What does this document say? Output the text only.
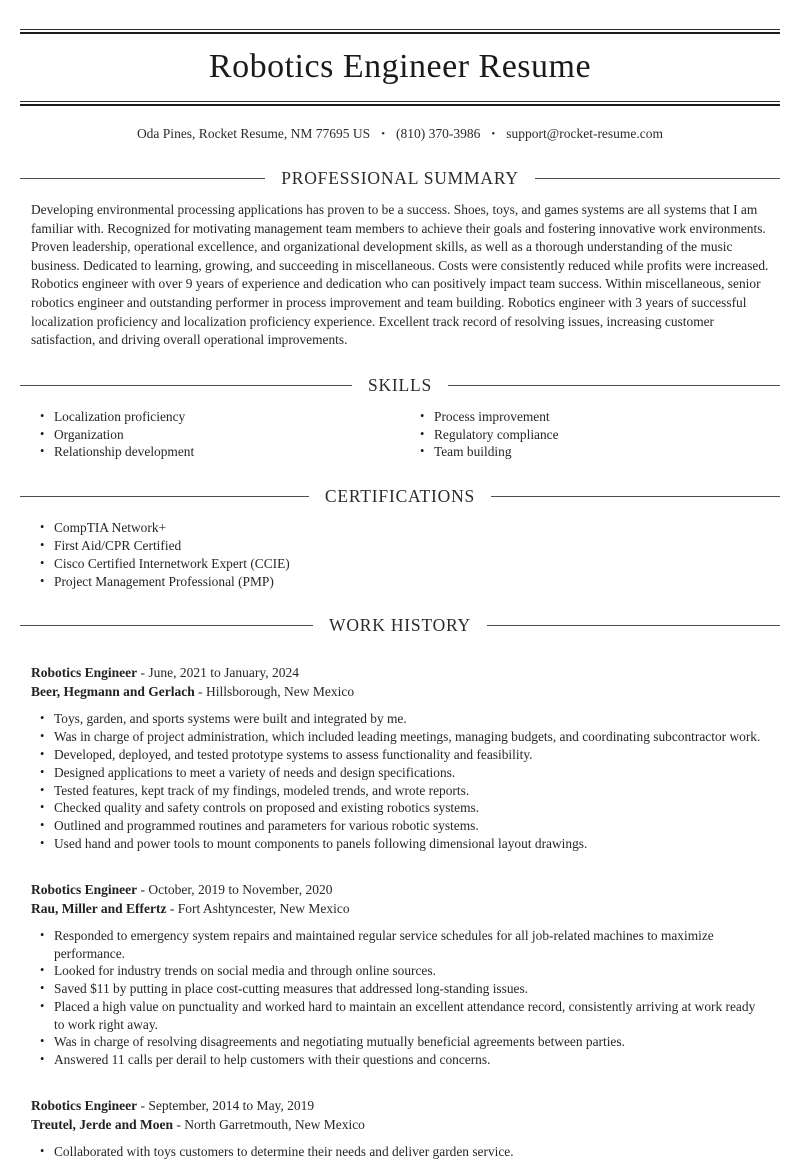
Robotics Engineer Resume
Oda Pines, Rocket Resume, NM 77695 US • (810) 370-3986 • support@rocket-resume.com
PROFESSIONAL SUMMARY

Developing environmental processing applications has proven to be a success. Shoes, toys, and games systems are all systems that I am familiar with. Recognized for motivating management team members to achieve their goals and fostering innovative work environments. Proven leadership, operational excellence, and organizational development skills, as well as a thorough understanding of the music business. Dedicated to learning, growing, and succeeding in miscellaneous. Costs were consistently reduced while profits were increased. Robotics engineer with over 9 years of experience and dedication who can positively impact team success. Within miscellaneous, senior robotics engineer and outstanding performer in process improvement and team building. Robotics engineer with 3 years of successful localization proficiency and localization proficiency experience. Excellent track record of resolving issues, increasing customer satisfaction, and driving overall operational improvements.

SKILLS
• Localization proficiency
• Organization
• Relationship development
• Process improvement
• Regulatory compliance
• Team building
CERTIFICATIONS
• CompTIA Network+
• First Aid/CPR Certified
• Cisco Certified Internetwork Expert (CCIE)
• Project Management Professional (PMP)
WORK HISTORY
Robotics Engineer - June, 2021 to January, 2024
Beer, Hegmann and Gerlach - Hillsborough, New Mexico
• Toys, garden, and sports systems were built and integrated by me.
• Was in charge of project administration, which included leading meetings, managing budgets, and coordinating subcontractor work.
• Developed, deployed, and tested prototype systems to assess functionality and feasibility.
• Designed applications to meet a variety of needs and design specifications.
• Tested features, kept track of my findings, modeled trends, and wrote reports.
• Checked quality and safety controls on proposed and existing robotics systems.
• Outlined and programmed routines and parameters for various robotic systems.
• Used hand and power tools to mount components to panels following dimensional layout drawings.
Robotics Engineer - October, 2019 to November, 2020
Rau, Miller and Effertz - Fort Ashtyncester, New Mexico
• Responded to emergency system repairs and maintained regular service schedules for all job-related machines to maximize performance.
• Looked for industry trends on social media and through online sources.
• Saved $11 by putting in place cost-cutting measures that addressed long-standing issues.
• Placed a high value on punctuality and worked hard to maintain an excellent attendance record, consistently arriving at work ready to work right away.
• Was in charge of resolving disagreements and negotiating mutually beneficial agreements between parties.
• Answered 11 calls per derail to help customers with their questions and concerns.
Robotics Engineer - September, 2014 to May, 2019
Treutel, Jerde and Moen - North Garretmouth, New Mexico
• Collaborated with toys customers to determine their needs and deliver garden service.
